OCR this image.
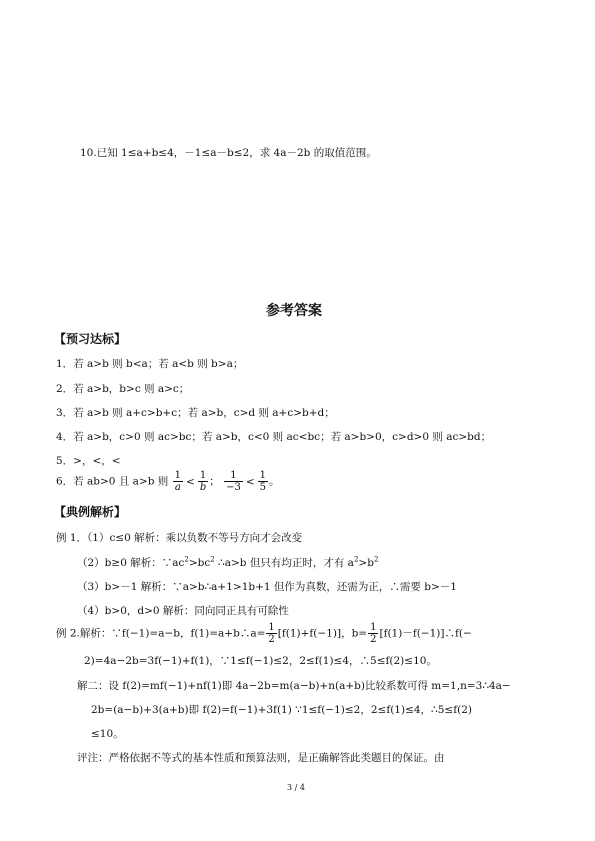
10.已知 1≤a+b≤4，－1≤a－b≤2，求 4a－2b 的取值范围。
参考答案
【预习达标】
1．若 a>b 则 b<a；若 a<b 则 b>a；
2．若 a>b，b>c 则 a>c；
3．若 a>b 则 a+c>b+c；若 a>b，c>d 则 a+c>b+d；
4．若 a>b，c>0 则 ac>bc；若 a>b，c<0 则 ac<bc；若 a>b>0，c>d>0 则 ac>bd；
5．>，<，<
6．若 ab>0 且 a>b 则 $\frac{1}{a} < \frac{1}{b}$ ； $\frac{1}{-3} < \frac{1}{5}$ 。
【典例解析】
例 1．（1）c≤0 解析：乘以负数不等号方向才会改变
（2）b≥0 解析：$\because ac^2>bc^2$ ∴a>b 但只有均正时，才有 $a^2>b^2$
（3）b>－1 解析：∵a>b∴a+1>1b+1 但作为真数，还需为正，∴需要 b>－1
（4）b>0，d>0 解析：同向同正具有可除性
例 2.解析：∵f(−1)=a−b，f(1)=a+b∴a= $\frac{1}{2} [f(1)+f(-1)]$，$b= \frac{1}{2}$ [f(1)－f(−1)]∴f(−
2)=4a−2b=3f(−1)+f(1)，∵1≤f(−1)≤2，2≤f(1)≤4，∴5≤f(2)≤10。
解二：设 f(2)=mf(−1)+nf(1)即 4a−2b=m(a−b)+n(a+b)比较系数可得 m=1,n=3∴4a−
2b=(a−b)+3(a+b)即 f(2)=f(−1)+3f(1) ∵1≤f(−1)≤2，2≤f(1)≤4，∴5≤f(2)
≤10。
评注：严格依据不等式的基本性质和预算法则，是正确解答此类题目的保证。由
3 / 4
